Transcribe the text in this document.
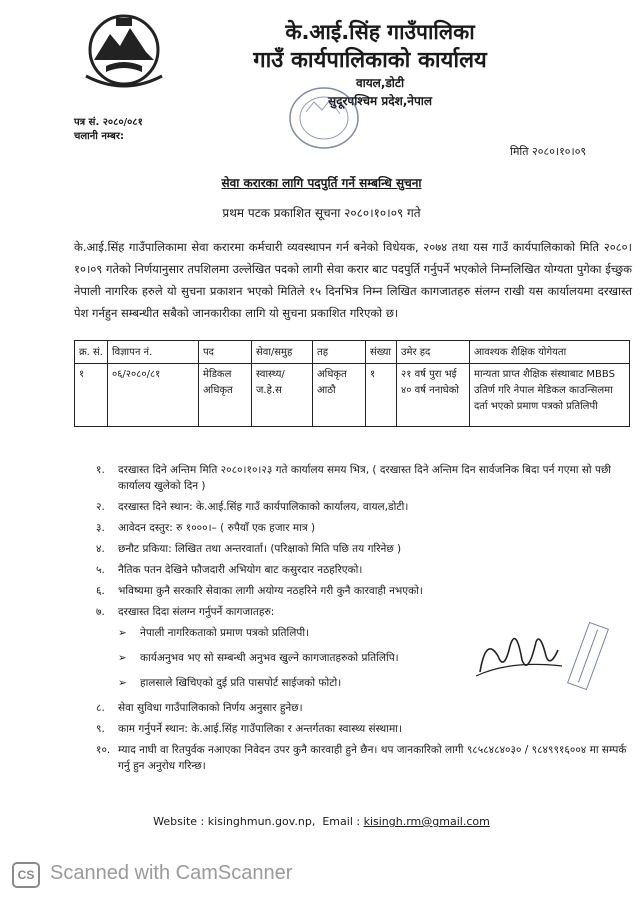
के.आई.सिंह गाउँपालिका
गाउँ कार्यपालिकाको कार्यालय
वायल,डोटी
सुदूरपश्चिम प्रदेश,नेपाल
पत्र सं. २०८०/०८१
चलानी नम्बर:
मिति २०८०।१०।०९
सेवा करारका लागि पदपुर्ति गर्ने सम्बन्धि सुचना
प्रथम पटक प्रकाशित सूचना २०८०।१०।०९ गते
के.आई.सिंह गाउँपालिकामा सेवा करारमा कर्मचारी व्यवस्थापन गर्न बनेको विधेयक, २०७४ तथा यस गाउँ कार्यपालिकाको मिति २०८०।१०।०९ गतेको निर्णयानुसार तपशिलमा उल्लेखित पदको लागी सेवा करार बाट पदपुर्ति गर्नुपर्ने भएकोले निम्नलिखित योग्यता पुगेका ईच्छुक नेपाली नागरिक हरुले यो सुचना प्रकाशन भएको मितिले १५ दिनभित्र निम्न लिखित कागजातहरु संलग्न राखी यस कार्यालयमा दरखास्त पेश गर्नहुन सम्बन्धीत सबैको जानकारीका लागि यो सुचना प्रकाशित गरिएको छ।
क्र. सं.	विज्ञापन नं.	पद	सेवा/समुह	तह	संख्या	उमेर हद	आवश्यक शैक्षिक योगेयता
१	०६/२०८०/८१	मेडिकल अधिकृत	स्वास्थ्य/ ज.हे.स	अधिकृत आठौ	१	२१ वर्ष पुरा भई ४० वर्ष ननाघेको	मान्यता प्राप्त शैक्षिक संस्थाबाट MBBS उतिर्ण गरि नेपाल मेडिकल काउन्सिलमा दर्ता भएको प्रमाण पत्रको प्रतिलिपी
१. दरखास्त दिने अन्तिम मिति २०८०।१०।२३ गते कार्यालय समय भित्र, ( दरखास्त दिने अन्तिम दिन सार्वजनिक बिदा पर्न गएमा सो पछी कार्यालय खुलेको दिन )
२. दरखास्त दिने स्थान: के.आई.सिंह गाउँ कार्यपालिकाको कार्यालय, वायल,डोटी।
३. आवेदन दस्तुर: रु १०००।– ( रुपैयाँ एक हजार मात्र )
४. छनौट प्रकिया: लिखित तथा अन्तरवार्ता। (परिक्षाको मिति पछि तय गरिनेछ )
५. नैतिक पतन देखिने फौजदारी अभियोग बाट कसुरदार नठहरिएको।
६. भविष्यमा कुनै सरकारि सेवाका लागी अयोग्य नठहरिने गरी कुनै कारवाही नभएको।
७. दरखास्त दिदा संलग्न गर्नुपर्ने कागजातहरु:
➢ नेपाली नागरिकताको प्रमाण पत्रको प्रतिलिपी।
➢ कार्यअनुभव भए सो सम्बन्धी अनुभव खुल्ने कागजातहरुको प्रतिलिपि।
➢ हालसाले खिचिएको दुई प्रति पासपोर्ट साईजको फोटो।
८. सेवा सुविधा गाउँपालिकाको निर्णय अनुसार हुनेछ।
९. काम गर्नुपर्ने स्थान: के.आई.सिंह गाउँपालिका र अन्तर्गतका स्वास्थ्य संस्थामा।
१०. म्याद नाघी वा रितपुर्वक नआएका निवेदन उपर कुनै कारवाही हुने छैन। थप जानकारिको लागी ९८५८४८४०३० / ९८४९९१६००४ मा सम्पर्क गर्नु हुन अनुरोध गरिन्छ।
Website : kisinghmun.gov.np, Email : kisingh.rm@gmail.com
CS Scanned with CamScanner
